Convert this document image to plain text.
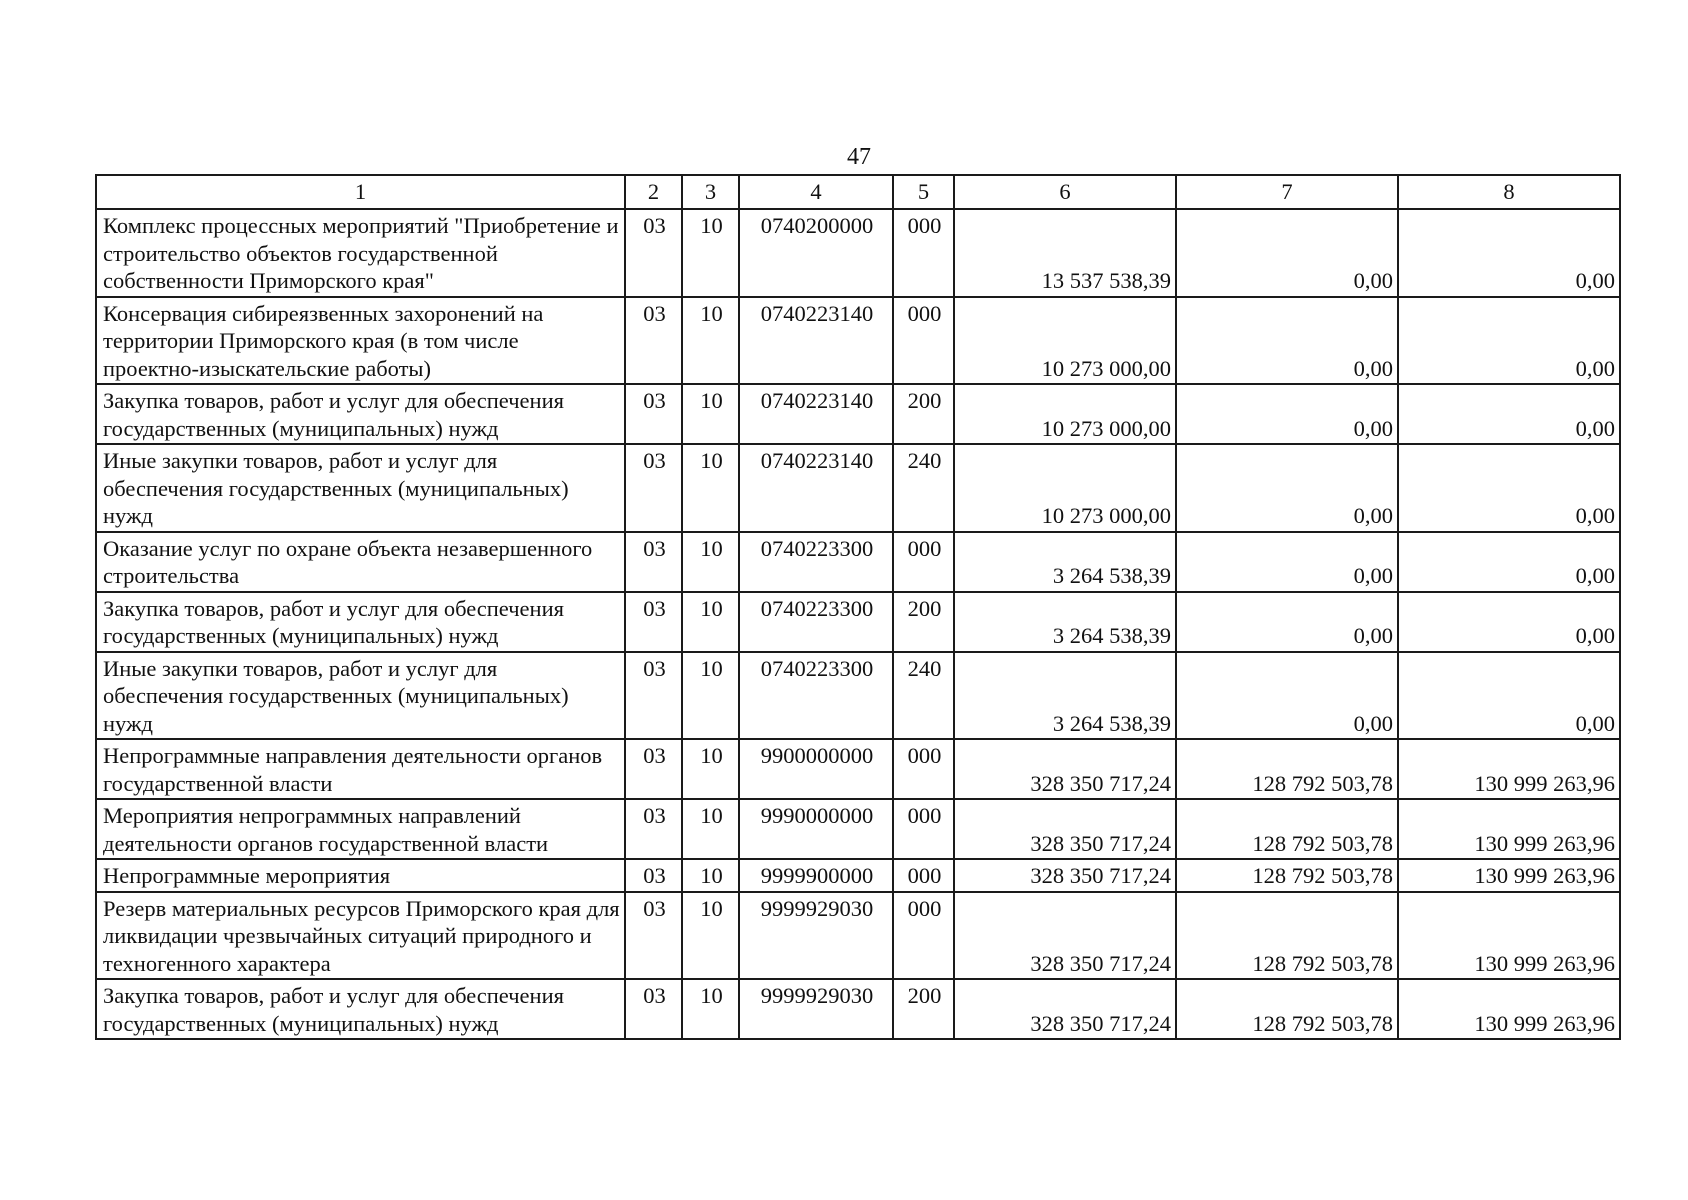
47
1	2	3	4	5	6	7	8
Комплекс процессных мероприятий "Приобретение и строительство объектов государственной собственности Приморского края"	03	10	0740200000	000	13 537 538,39	0,00	0,00
Консервация сибиреязвенных захоронений на территории Приморского края (в том числе проектно-изыскательские работы)	03	10	0740223140	000	10 273 000,00	0,00	0,00
Закупка товаров, работ и услуг для обеспечения государственных (муниципальных) нужд	03	10	0740223140	200	10 273 000,00	0,00	0,00
Иные закупки товаров, работ и услуг для обеспечения государственных (муниципальных) нужд	03	10	0740223140	240	10 273 000,00	0,00	0,00
Оказание услуг по охране объекта незавершенного строительства	03	10	0740223300	000	3 264 538,39	0,00	0,00
Закупка товаров, работ и услуг для обеспечения государственных (муниципальных) нужд	03	10	0740223300	200	3 264 538,39	0,00	0,00
Иные закупки товаров, работ и услуг для обеспечения государственных (муниципальных) нужд	03	10	0740223300	240	3 264 538,39	0,00	0,00
Непрограммные направления деятельности органов государственной власти	03	10	9900000000	000	328 350 717,24	128 792 503,78	130 999 263,96
Мероприятия непрограммных направлений деятельности органов государственной власти	03	10	9990000000	000	328 350 717,24	128 792 503,78	130 999 263,96
Непрограммные мероприятия	03	10	9999900000	000	328 350 717,24	128 792 503,78	130 999 263,96
Резерв материальных ресурсов Приморского края для ликвидации чрезвычайных ситуаций природного и техногенного характера	03	10	9999929030	000	328 350 717,24	128 792 503,78	130 999 263,96
Закупка товаров, работ и услуг для обеспечения государственных (муниципальных) нужд	03	10	9999929030	200	328 350 717,24	128 792 503,78	130 999 263,96
